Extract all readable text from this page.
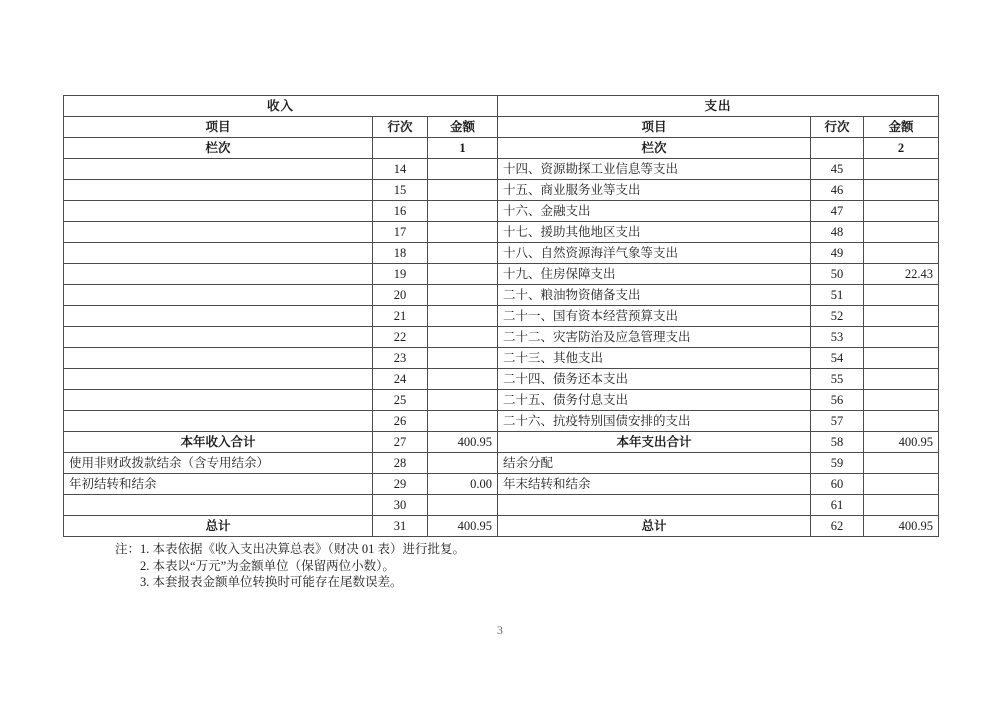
收入			支出		
项目	行次	金额	项目	行次	金额
栏次		1	栏次		2
	14		十四、资源勘探工业信息等支出	45	
	15		十五、商业服务业等支出	46	
	16		十六、金融支出	47	
	17		十七、援助其他地区支出	48	
	18		十八、自然资源海洋气象等支出	49	
	19		十九、住房保障支出	50	22.43
	20		二十、粮油物资储备支出	51	
	21		二十一、国有资本经营预算支出	52	
	22		二十二、灾害防治及应急管理支出	53	
	23		二十三、其他支出	54	
	24		二十四、债务还本支出	55	
	25		二十五、债务付息支出	56	
	26		二十六、抗疫特别国债安排的支出	57	
本年收入合计	27	400.95	本年支出合计	58	400.95
使用非财政拨款结余（含专用结余）	28		结余分配	59	
年初结转和结余	29	0.00	年末结转和结余	60	
	30			61	
总计	31	400.95	总计	62	400.95
注： 1. 本表依据《收入支出决算总表》（财决 01 表）进行批复。
2. 本表以“万元”为金额单位（保留两位小数）。
3. 本套报表金额单位转换时可能存在尾数误差。
3
